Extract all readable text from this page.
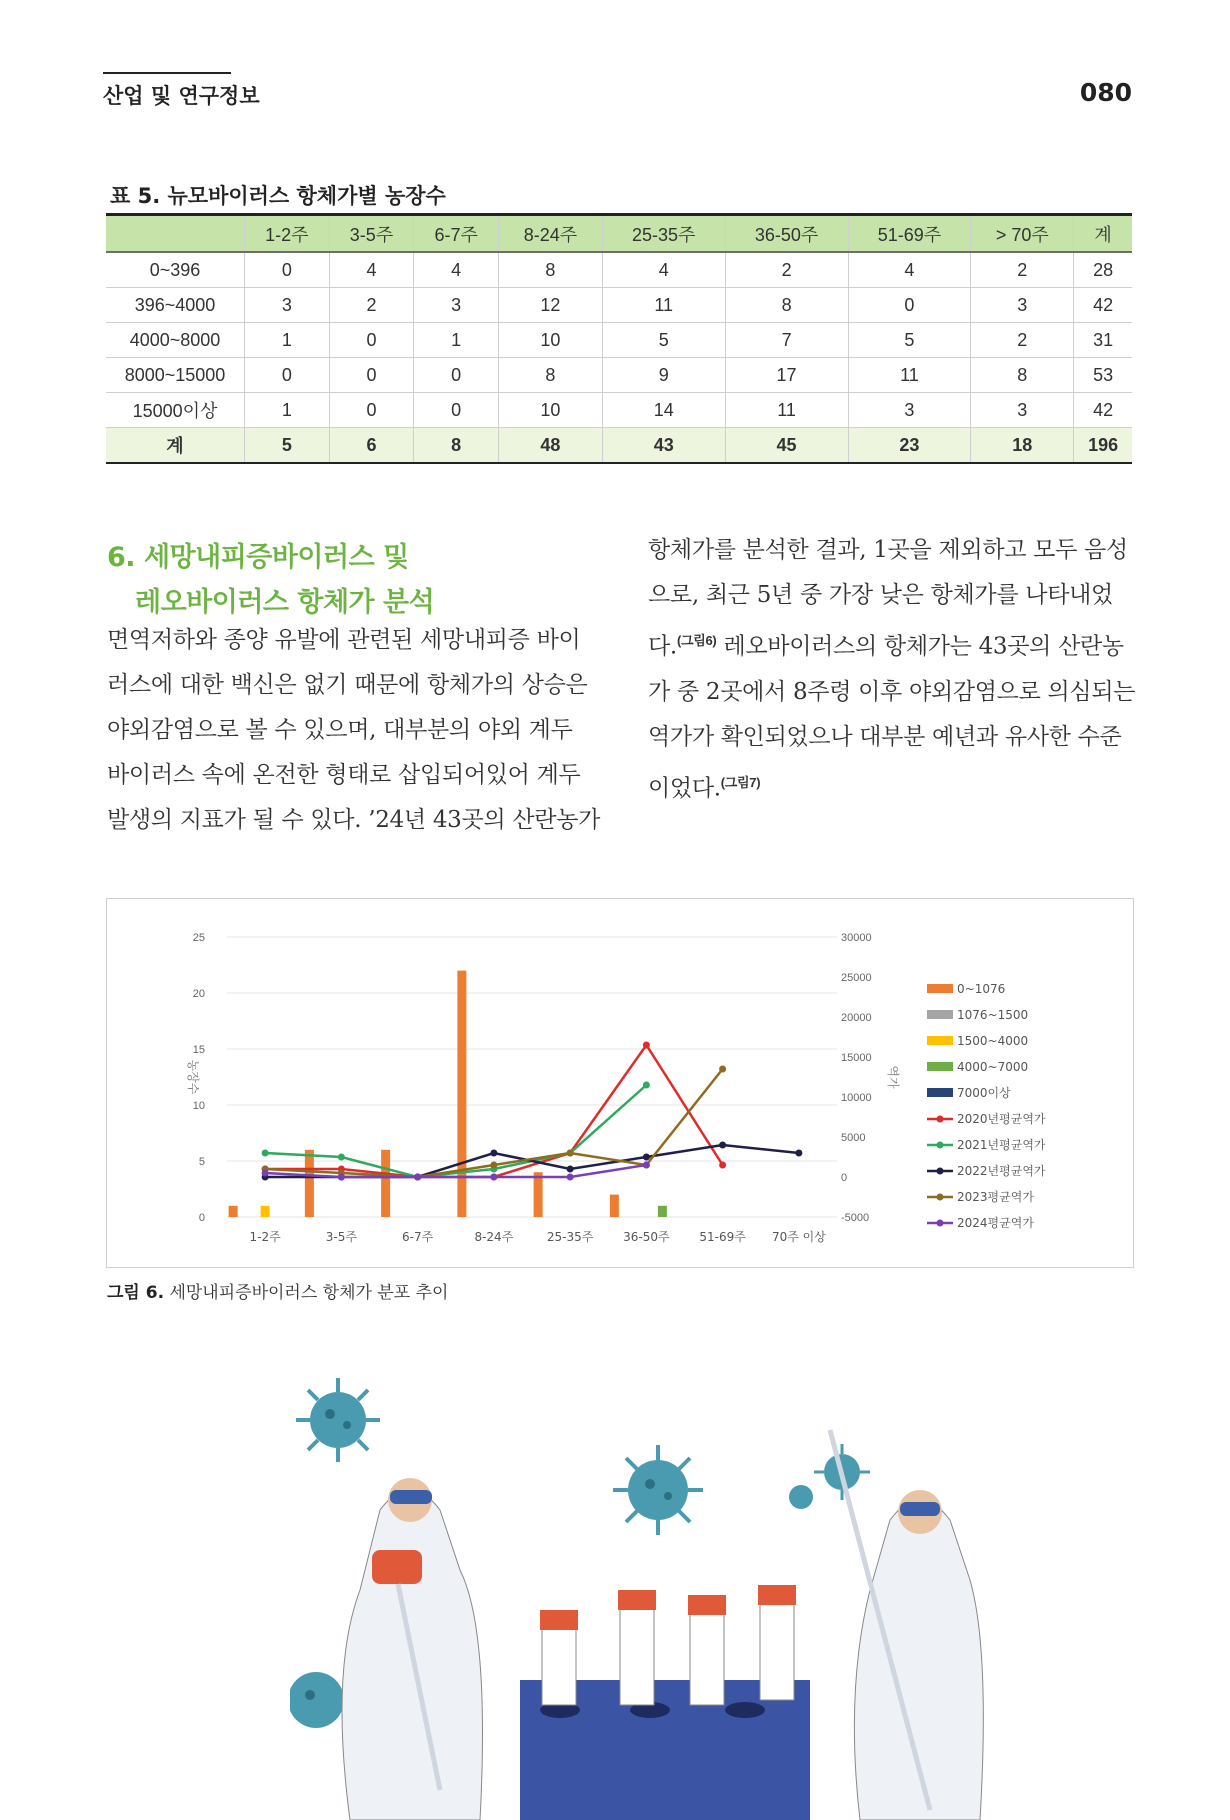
산업 및 연구정보	080
표 5. 뉴모바이러스 항체가별 농장수
	1-2주	3-5주	6-7주	8-24주	25-35주	36-50주	51-69주	> 70주	계
0~396	0	4	4	8	4	2	4	2	28
396~4000	3	2	3	12	11	8	0	3	42
4000~8000	1	0	1	10	5	7	5	2	31
8000~15000	0	0	0	8	9	17	11	8	53
15000이상	1	0	0	10	14	11	3	3	42
계	5	6	8	48	43	45	23	18	196
6. 세망내피증바이러스 및
레오바이러스 항체가 분석
면역저하와 종양 유발에 관련된 세망내피증 바이
러스에 대한 백신은 없기 때문에 항체가의 상승은
야외감염으로 볼 수 있으며, 대부분의 야외 계두
바이러스 속에 온전한 형태로 삽입되어있어 계두
발생의 지표가 될 수 있다. ’24년 43곳의 산란농가
항체가를 분석한 결과, 1곳을 제외하고 모두 음성
으로, 최근 5년 중 가장 낮은 항체가를 나타내었
다.$^{(그림6)}$ 레오바이러스의 항체가는 43곳의 산란농
가 중 2곳에서 8주령 이후 야외감염으로 의심되는
역가가 확인되었으나 대부분 예년과 유사한 수준
이었다.$^{(그림7)}$
0
5
10
15
20
25
-5000
0
5000
10000
15000
20000
25000
30000
농장수	역가
1-2주	3-5주	6-7주	8-24주	25-35주 36-50주 51-69주 70주 이상
0~1076
1076~1500
1500~4000
4000~7000
7000이상
2020년평균역가
2021년평균역가
2022년평균역가
2023평균역가
2024평균역가
그림 6. 세망내피증바이러스 항체가 분포 추이
